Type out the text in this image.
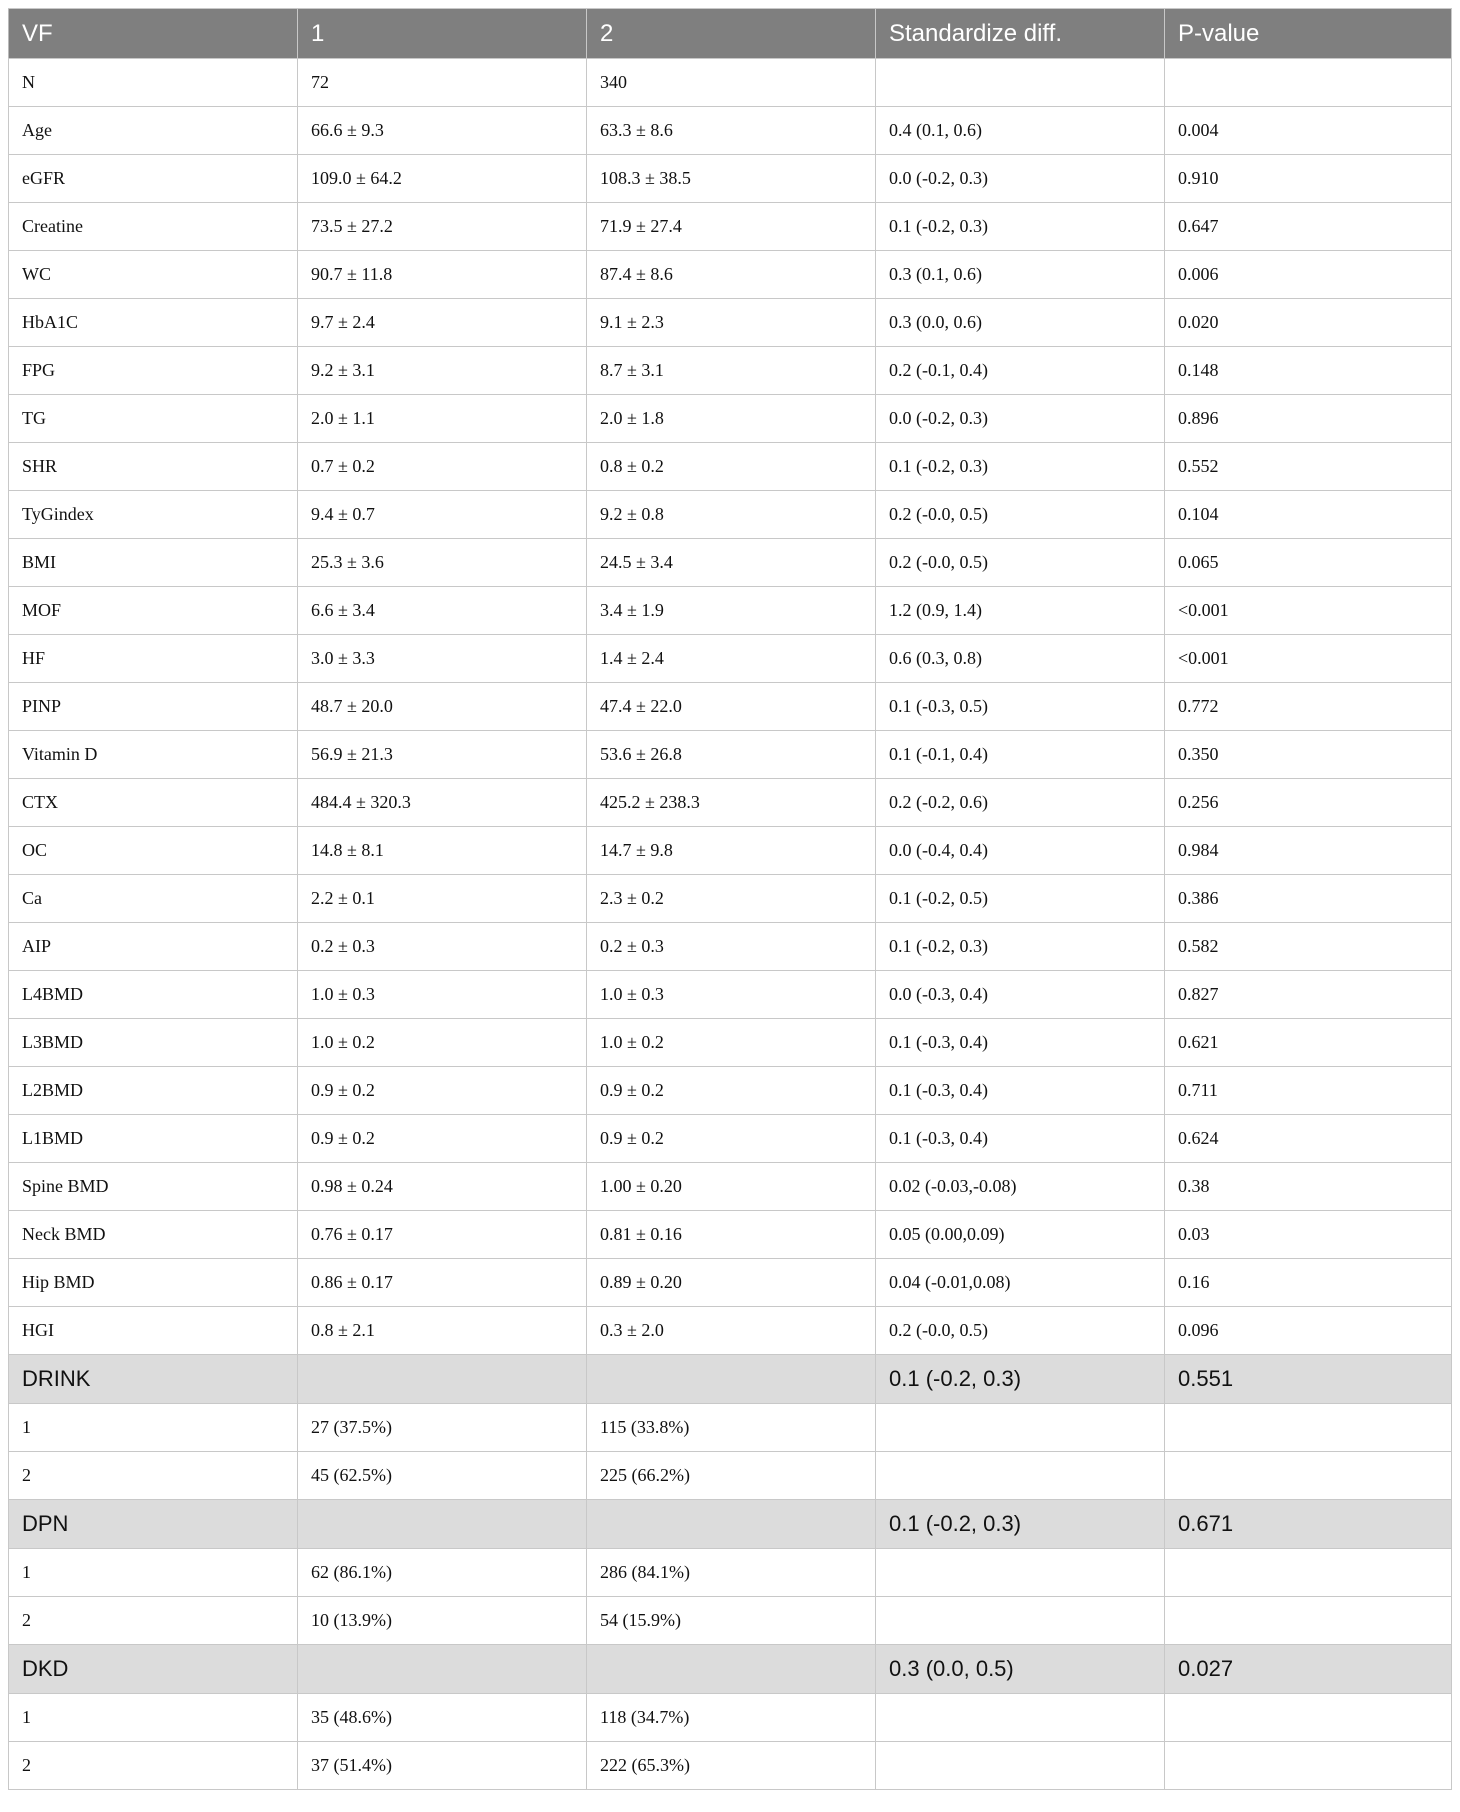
VF	1	2	Standardize diff.	P-value
N	72	340		
Age	66.6 ± 9.3	63.3 ± 8.6	0.4 (0.1, 0.6)	0.004
eGFR	109.0 ± 64.2	108.3 ± 38.5	0.0 (-0.2, 0.3)	0.910
Creatine	73.5 ± 27.2	71.9 ± 27.4	0.1 (-0.2, 0.3)	0.647
WC	90.7 ± 11.8	87.4 ± 8.6	0.3 (0.1, 0.6)	0.006
HbA1C	9.7 ± 2.4	9.1 ± 2.3	0.3 (0.0, 0.6)	0.020
FPG	9.2 ± 3.1	8.7 ± 3.1	0.2 (-0.1, 0.4)	0.148
TG	2.0 ± 1.1	2.0 ± 1.8	0.0 (-0.2, 0.3)	0.896
SHR	0.7 ± 0.2	0.8 ± 0.2	0.1 (-0.2, 0.3)	0.552
TyGindex	9.4 ± 0.7	9.2 ± 0.8	0.2 (-0.0, 0.5)	0.104
BMI	25.3 ± 3.6	24.5 ± 3.4	0.2 (-0.0, 0.5)	0.065
MOF	6.6 ± 3.4	3.4 ± 1.9	1.2 (0.9, 1.4)	<0.001
HF	3.0 ± 3.3	1.4 ± 2.4	0.6 (0.3, 0.8)	<0.001
PINP	48.7 ± 20.0	47.4 ± 22.0	0.1 (-0.3, 0.5)	0.772
Vitamin D	56.9 ± 21.3	53.6 ± 26.8	0.1 (-0.1, 0.4)	0.350
CTX	484.4 ± 320.3	425.2 ± 238.3	0.2 (-0.2, 0.6)	0.256
OC	14.8 ± 8.1	14.7 ± 9.8	0.0 (-0.4, 0.4)	0.984
Ca	2.2 ± 0.1	2.3 ± 0.2	0.1 (-0.2, 0.5)	0.386
AIP	0.2 ± 0.3	0.2 ± 0.3	0.1 (-0.2, 0.3)	0.582
L4BMD	1.0 ± 0.3	1.0 ± 0.3	0.0 (-0.3, 0.4)	0.827
L3BMD	1.0 ± 0.2	1.0 ± 0.2	0.1 (-0.3, 0.4)	0.621
L2BMD	0.9 ± 0.2	0.9 ± 0.2	0.1 (-0.3, 0.4)	0.711
L1BMD	0.9 ± 0.2	0.9 ± 0.2	0.1 (-0.3, 0.4)	0.624
Spine BMD	0.98 ± 0.24	1.00 ± 0.20	0.02 (-0.03,-0.08)	0.38
Neck BMD	0.76 ± 0.17	0.81 ± 0.16	0.05 (0.00,0.09)	0.03
Hip BMD	0.86 ± 0.17	0.89 ± 0.20	0.04 (-0.01,0.08)	0.16
HGI	0.8 ± 2.1	0.3 ± 2.0	0.2 (-0.0, 0.5)	0.096
DRINK			0.1 (-0.2, 0.3)	0.551
1	27 (37.5%)	115 (33.8%)		
2	45 (62.5%)	225 (66.2%)		
DPN			0.1 (-0.2, 0.3)	0.671
1	62 (86.1%)	286 (84.1%)		
2	10 (13.9%)	54 (15.9%)		
DKD			0.3 (0.0, 0.5)	0.027
1	35 (48.6%)	118 (34.7%)		
2	37 (51.4%)	222 (65.3%)		
